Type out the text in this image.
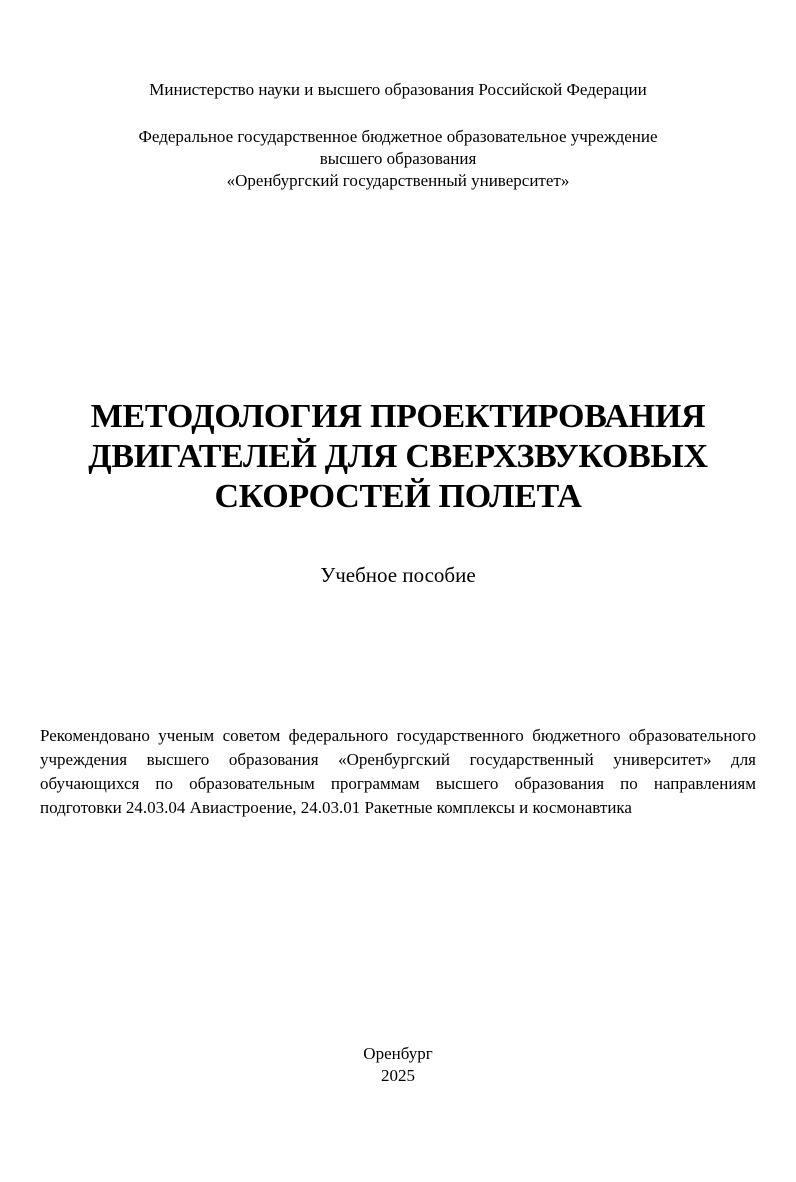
Министерство науки и высшего образования Российской Федерации

Федеральное государственное бюджетное образовательное учреждение
высшего образования
«Оренбургский государственный университет»
МЕТОДОЛОГИЯ ПРОЕКТИРОВАНИЯ
ДВИГАТЕЛЕЙ ДЛЯ СВЕРХЗВУКОВЫХ
СКОРОСТЕЙ ПОЛЕТА

Учебное пособие

Рекомендовано ученым советом федерального государственного бюджетного образовательного учреждения высшего образования «Оренбургский государственный университет» для обучающихся по образовательным программам высшего образования по направлениям подготовки 24.03.04 Авиастроение, 24.03.01 Ракетные комплексы и космонавтика

Оренбург
2025
